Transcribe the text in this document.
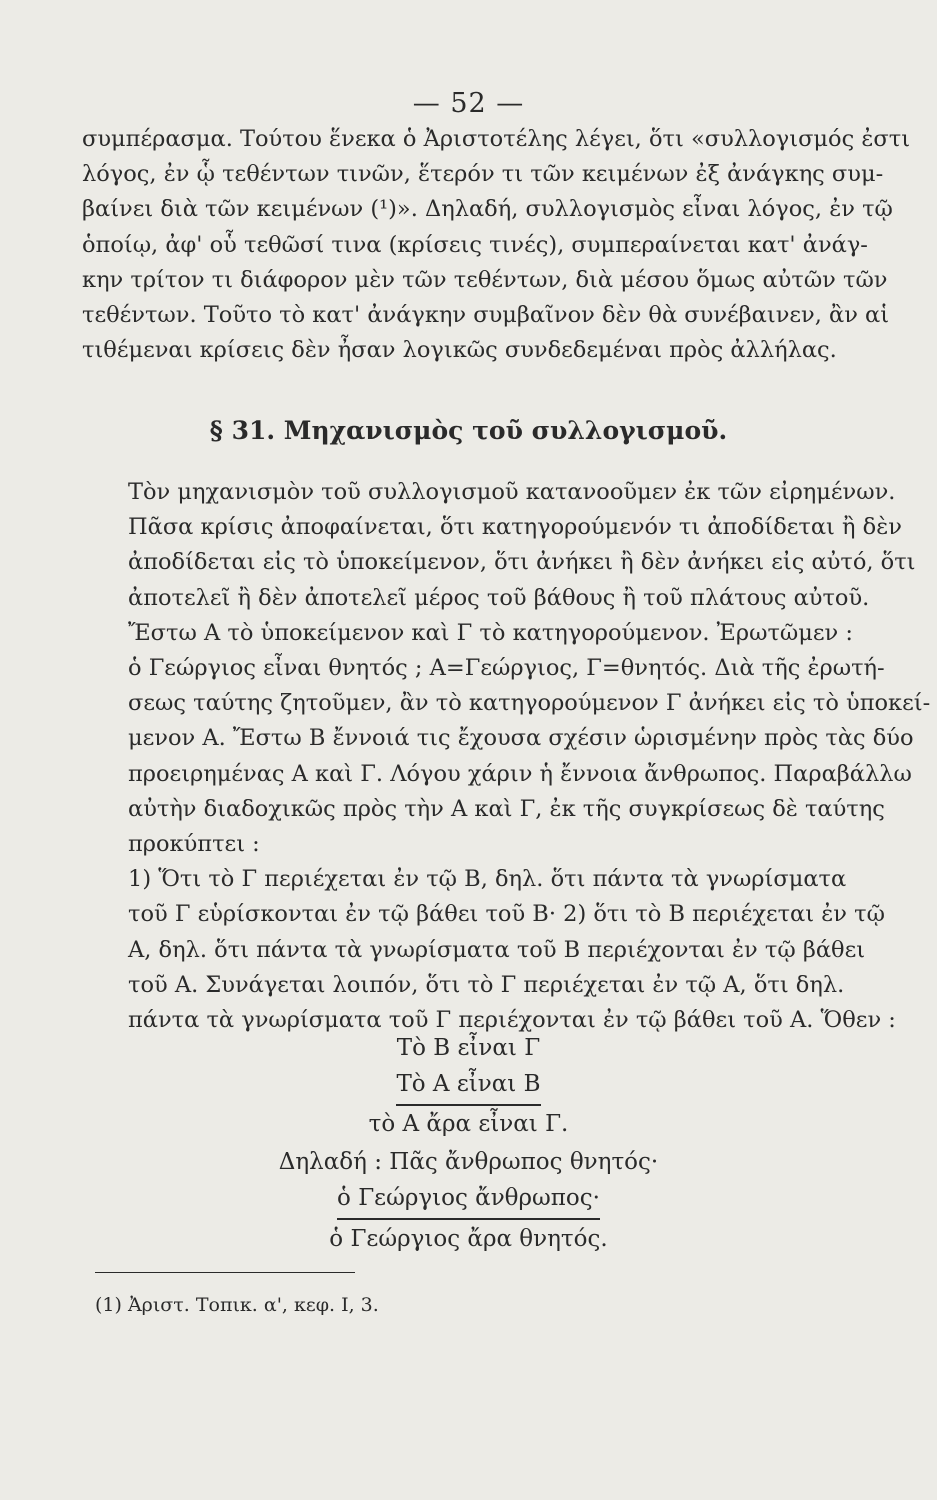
— 52 —
συμπέρασμα. Τούτου ἕνεκα ὁ Ἀριστοτέλης λέγει, ὅτι «συλλογισμός ἐστι
λόγος, ἐν ᾧ τεθέντων τινῶν, ἕτερόν τι τῶν κειμένων ἐξ ἀνάγκης συμ-
βαίνει διὰ τῶν κειμένων (¹)». Δηλαδή, συλλογισμὸς εἶναι λόγος, ἐν τῷ
ὁποίῳ, ἀφ' οὗ τεθῶσί τινα (κρίσεις τινές), συμπεραίνεται κατ' ἀνάγ-
κην τρίτον τι διάφορον μὲν τῶν τεθέντων, διὰ μέσου ὅμως αὐτῶν τῶν
τεθέντων. Τοῦτο τὸ κατ' ἀνάγκην συμβαῖνον δὲν θὰ συνέβαινεν, ἂν αἱ
τιθέμεναι κρίσεις δὲν ἦσαν λογικῶς συνδεδεμέναι πρὸς ἀλλήλας.
§ 31. Μηχανισμὸς τοῦ συλλογισμοῦ.
Τὸν μηχανισμὸν τοῦ συλλογισμοῦ κατανοοῦμεν ἐκ τῶν εἰρημένων.
Πᾶσα κρίσις ἀποφαίνεται, ὅτι κατηγορούμενόν τι ἀποδίδεται ἢ δὲν
ἀποδίδεται εἰς τὸ ὑποκείμενον, ὅτι ἀνήκει ἢ δὲν ἀνήκει εἰς αὐτό, ὅτι
ἀποτελεῖ ἢ δὲν ἀποτελεῖ μέρος τοῦ βάθους ἢ τοῦ πλάτους αὐτοῦ.
Ἔστω Α τὸ ὑποκείμενον καὶ Γ τὸ κατηγορούμενον. Ἐρωτῶμεν :
ὁ Γεώργιος εἶναι θνητός ; Α=Γεώργιος, Γ=θνητός. Διὰ τῆς ἐρωτή-
σεως ταύτης ζητοῦμεν, ἂν τὸ κατηγορούμενον Γ ἀνήκει εἰς τὸ ὑποκεί-
μενον Α. Ἔστω Β ἔννοιά τις ἔχουσα σχέσιν ὡρισμένην πρὸς τὰς δύο
προειρημένας Α καὶ Γ. Λόγου χάριν ἡ ἔννοια ἄνθρωπος. Παραβάλλω
αὐτὴν διαδοχικῶς πρὸς τὴν Α καὶ Γ, ἐκ τῆς συγκρίσεως δὲ ταύτης
προκύπτει :
1) Ὅτι τὸ Γ περιέχεται ἐν τῷ Β, δηλ. ὅτι πάντα τὰ γνωρίσματα
τοῦ Γ εὑρίσκονται ἐν τῷ βάθει τοῦ Β· 2) ὅτι τὸ Β περιέχεται ἐν τῷ
Α, δηλ. ὅτι πάντα τὰ γνωρίσματα τοῦ Β περιέχονται ἐν τῷ βάθει
τοῦ Α. Συνάγεται λοιπόν, ὅτι τὸ Γ περιέχεται ἐν τῷ Α, ὅτι δηλ.
πάντα τὰ γνωρίσματα τοῦ Γ περιέχονται ἐν τῷ βάθει τοῦ Α. Ὅθεν :
Τὸ Β εἶναι Γ
Τὸ Α εἶναι Β
τὸ Α ἄρα εἶναι Γ.
Δηλαδή : Πᾶς ἄνθρωπος θνητός·
ὁ Γεώργιος ἄνθρωπος·
ὁ Γεώργιος ἄρα θνητός.
(1) Ἀριστ. Τοπικ. α', κεφ. Ι, 3.
